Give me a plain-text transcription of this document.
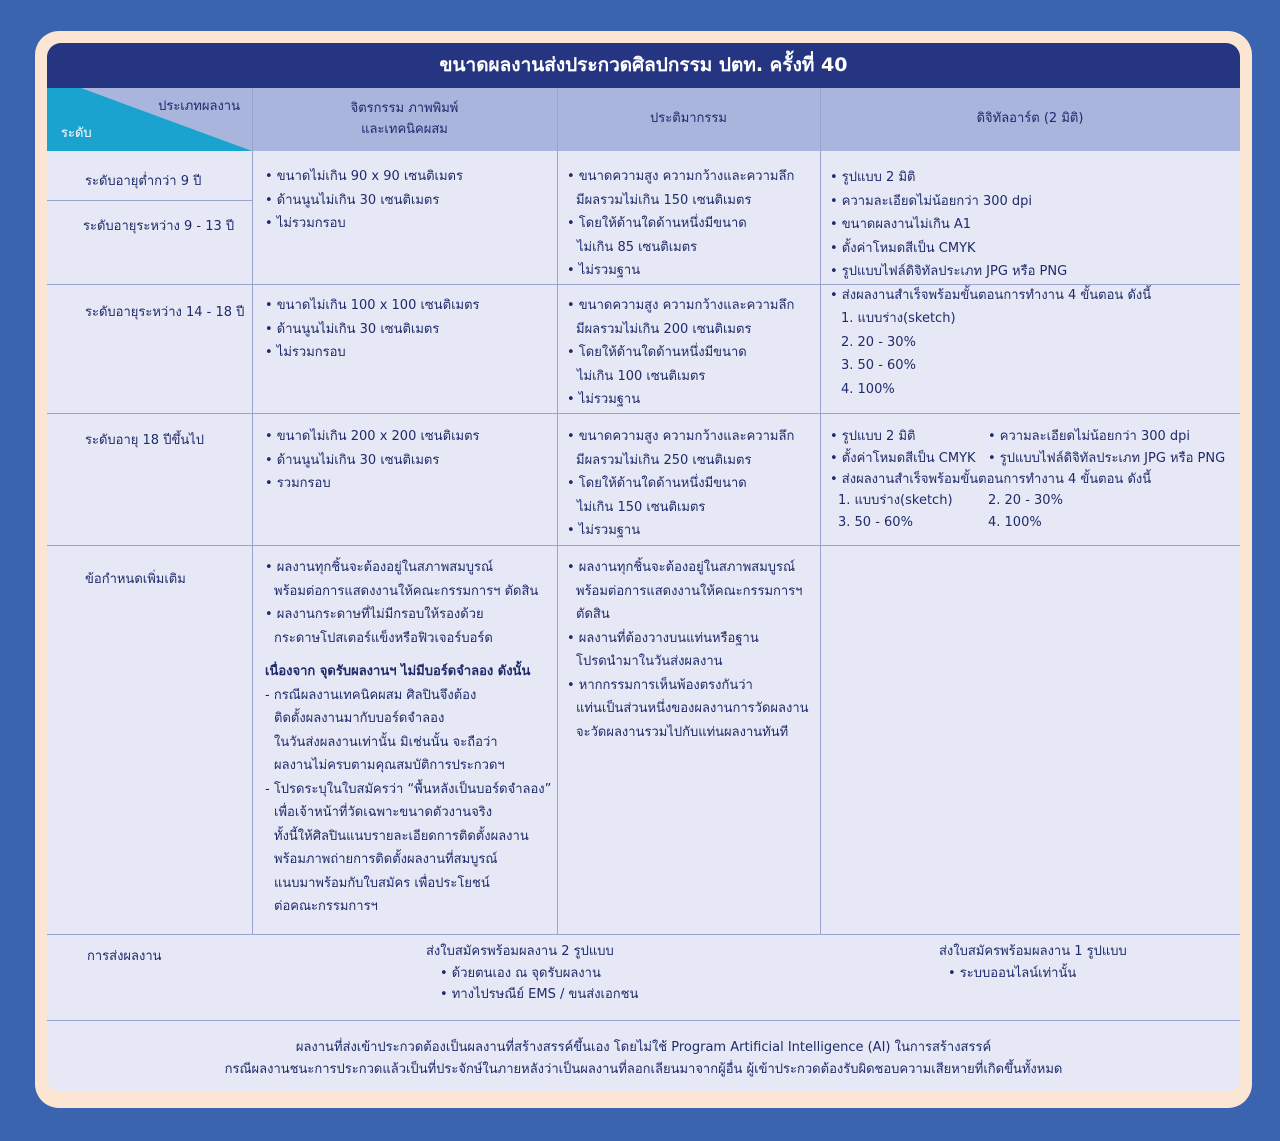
ขนาดผลงานส่งประกวดศิลปกรรม ปตท. ครั้งที่ 40
จิตรกรรม ภาพพิมพ์
และเทคนิคผสม
ประติมากรรม	ดิจิทัลอาร์ต (2 มิติ)
ประเภทผลงาน
ระดับ
ระดับอายุต่ำกว่า 9 ปี
ระดับอายุระหว่าง 9 - 13 ปี
ระดับอายุระหว่าง 14 - 18 ปี
ระดับอายุ 18 ปีขึ้นไป
ข้อกำหนดเพิ่มเติม
การส่งผลงาน
• ขนาดไม่เกิน 90 x 90 เซนติเมตร
• ด้านนูนไม่เกิน 30 เซนติเมตร
• ไม่รวมกรอบ
• ขนาดไม่เกิน 100 x 100 เซนติเมตร
• ด้านนูนไม่เกิน 30 เซนติเมตร
• ไม่รวมกรอบ
• ขนาดไม่เกิน 200 x 200 เซนติเมตร
• ด้านนูนไม่เกิน 30 เซนติเมตร
• รวมกรอบ
• ผลงานทุกชิ้นจะต้องอยู่ในสภาพสมบูรณ์
พร้อมต่อการแสดงงานให้คณะกรรมการฯ ตัดสิน
• ผลงานกระดาษที่ไม่มีกรอบให้รองด้วย
กระดาษโปสเตอร์แข็งหรือฟิวเจอร์บอร์ด
เนื่องจาก จุดรับผลงานฯ ไม่มีบอร์ดจำลอง ดังนั้น
- กรณีผลงานเทคนิคผสม ศิลปินจึงต้อง
ติดตั้งผลงานมากับบอร์ดจำลอง
ในวันส่งผลงานเท่านั้น มิเช่นนั้น จะถือว่า
ผลงานไม่ครบตามคุณสมบัติการประกวดฯ
- โปรดระบุในใบสมัครว่า “พื้นหลังเป็นบอร์ดจำลอง”
เพื่อเจ้าหน้าที่วัดเฉพาะขนาดตัวงานจริง
ทั้งนี้ให้ศิลปินแนบรายละเอียดการติดตั้งผลงาน
พร้อมภาพถ่ายการติดตั้งผลงานที่สมบูรณ์
แนบมาพร้อมกับใบสมัคร เพื่อประโยชน์
ต่อคณะกรรมการฯ
• ขนาดความสูง ความกว้างและความลึก
มีผลรวมไม่เกิน 150 เซนติเมตร
• โดยให้ด้านใดด้านหนึ่งมีขนาด
ไม่เกิน 85 เซนติเมตร
• ไม่รวมฐาน
• ขนาดความสูง ความกว้างและความลึก
มีผลรวมไม่เกิน 200 เซนติเมตร
• โดยให้ด้านใดด้านหนึ่งมีขนาด
ไม่เกิน 100 เซนติเมตร
• ไม่รวมฐาน
• ขนาดความสูง ความกว้างและความลึก
มีผลรวมไม่เกิน 250 เซนติเมตร
• โดยให้ด้านใดด้านหนึ่งมีขนาด
ไม่เกิน 150 เซนติเมตร
• ไม่รวมฐาน
• ผลงานทุกชิ้นจะต้องอยู่ในสภาพสมบูรณ์
พร้อมต่อการแสดงงานให้คณะกรรมการฯ
ตัดสิน
• ผลงานที่ต้องวางบนแท่นหรือฐาน
โปรดนำมาในวันส่งผลงาน
• หากกรรมการเห็นพ้องตรงกันว่า
แท่นเป็นส่วนหนึ่งของผลงานการวัดผลงาน
จะวัดผลงานรวมไปกับแท่นผลงานทันที
• รูปแบบ 2 มิติ
• ความละเอียดไม่น้อยกว่า 300 dpi
• ขนาดผลงานไม่เกิน A1
• ตั้งค่าโหมดสีเป็น CMYK
• รูปแบบไฟล์ดิจิทัลประเภท JPG หรือ PNG
• ส่งผลงานสำเร็จพร้อมขั้นตอนการทำงาน 4 ขั้นตอน ดังนี้
1. แบบร่าง(sketch)
2. 20 - 30%
3. 50 - 60%
4. 100%
• รูปแบบ 2 มิติ
• ตั้งค่าโหมดสีเป็น CMYK
• ความละเอียดไม่น้อยกว่า 300 dpi
• รูปแบบไฟล์ดิจิทัลประเภท JPG หรือ PNG
• ส่งผลงานสำเร็จพร้อมขั้นตอนการทำงาน 4 ขั้นตอน ดังนี้
1. แบบร่าง(sketch)
3. 50 - 60%
2. 20 - 30%
4. 100%
ส่งใบสมัครพร้อมผลงาน 2 รูปแบบ
• ด้วยตนเอง ณ จุดรับผลงาน
• ทางไปรษณีย์ EMS / ขนส่งเอกชน
ส่งใบสมัครพร้อมผลงาน 1 รูปแบบ
• ระบบออนไลน์เท่านั้น
ผลงานที่ส่งเข้าประกวดต้องเป็นผลงานที่สร้างสรรค์ขึ้นเอง โดยไม่ใช้ Program Artificial Intelligence (AI) ในการสร้างสรรค์
กรณีผลงานชนะการประกวดแล้วเป็นที่ประจักษ์ในภายหลังว่าเป็นผลงานที่ลอกเลียนมาจากผู้อื่น ผู้เข้าประกวดต้องรับผิดชอบความเสียหายที่เกิดขึ้นทั้งหมด
